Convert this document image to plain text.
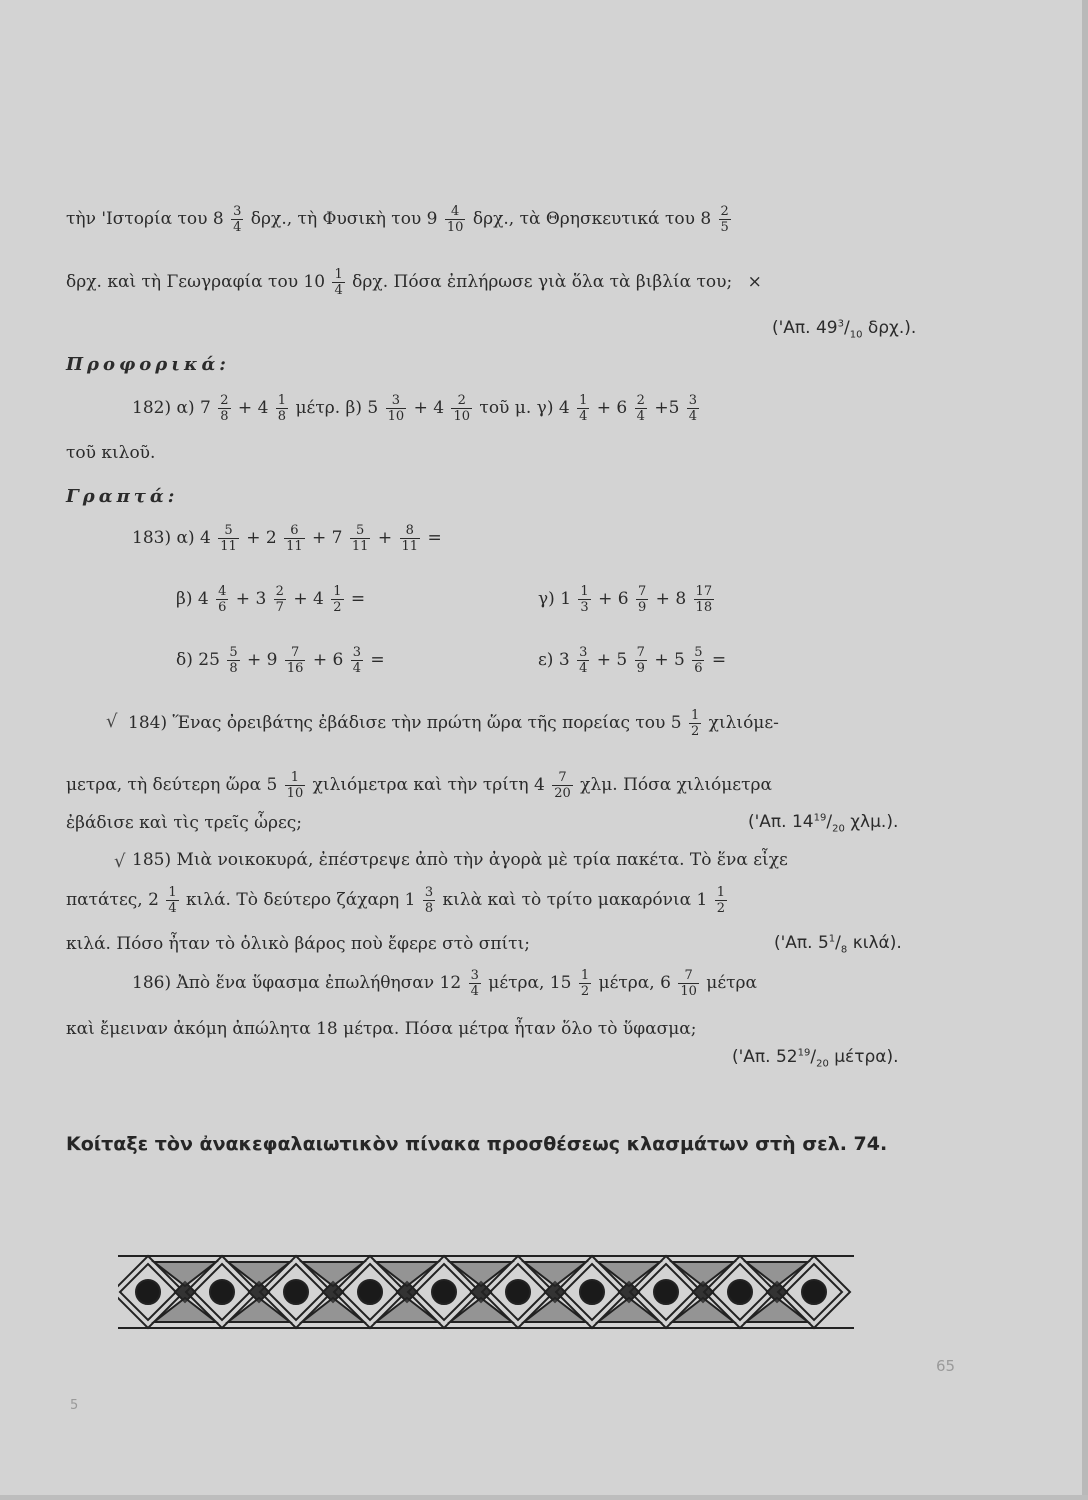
τὴν 'Ιστορία του $8 \frac{3}{4} \delta\rho\chi$., τὴ Φυσικὴ του $9 \frac{4}{10} \delta\rho\chi$., τὰ Θρησκευτικά του $8 \frac{2}{5}$
δρχ. καὶ τὴ Γεωγραφία του $10 \frac{1}{4} \delta\rho\chi$. Πόσα ἐπλήρωσε γιὰ ὅλα τὰ βιβλία του; ×
('Απ. $49^3/_{10}$ δρχ.).
Προφορικά:
182) α) $7 \frac{2}{8} + 4 \frac{1}{8} \mu έ\tau\rho$. β) $5 \frac{3}{10} + 4 \frac{2}{10}$ τοῦ μ. γ) $4 \frac{1}{4} + 6 \frac{2}{4} +5 \frac{3}{4}$
τοῦ κιλοῦ.
Γραπτά:
183) α) $4 \frac{5}{11} + 2 \frac{6}{11} + 7 \frac{5}{11} + \frac{8}{11}$ =
β) $4 \frac{4}{6} + 3 \frac{2}{7} + 4 \frac{1}{2}$ =	γ) $1 \frac{1}{3} + 6 \frac{7}{9} + 8 \frac{17}{18}$
δ) $25 \frac{5}{8} + 9 \frac{7}{16} + 6 \frac{3}{4}$ =	ε) $3 \frac{3}{4} + 5 \frac{7}{9} + 5 \frac{5}{6}$ =
√ 184) Ἕνας ὀρειβάτης ἐβάδισε τὴν πρώτη ὥρα τῆς πορείας του $5 \frac{1}{2} \chi\iota\lambda\iota ό\mu\varepsilon-$
μετρα, τὴ δεύτερη ὥρα $5 \frac{1}{10}$ χιλιόμετρα καὶ τὴν τρίτη $4 \frac{7}{20} \chi\lambda\mu$. Πόσα χιλιόμετρα
ἐβάδισε καὶ τὶς τρεῖς ὧρες;	('Απ. $14^{19}/_{20}$ χλμ.).
√ 185) Μιὰ νοικοκυρά, ἐπέστρεψε ἀπὸ τὴν ἀγορὰ μὲ τρία πακέτα. Τὸ ἕνα εἶχε
πατάτες, $2 \frac{1}{4} \kappa\iota\lambda ά$. Τὸ δεύτερο ζάχαρη $1 \frac{3}{8}$ κιλὰ καὶ τὸ τρίτο μακαρόνια $1 \frac{1}{2}$
κιλά. Πόσο ἦταν τὸ ὁλικὸ βάρος ποὺ ἔφερε στὸ σπίτι;	('Απ. $5^1/_8$ κιλά).
186) Ἀπὸ ἕνα ὕφασμα ἐπωλήθησαν $12 \frac{3}{4} \mu έ\tau\rho\alpha$, $15 \frac{1}{2} \mu έ\tau\rho\alpha$, $6 \frac{7}{10}$ μέτρα
καὶ ἔμειναν ἀκόμη ἀπώλητα 18 μέτρα. Πόσα μέτρα ἦταν ὅλο τὸ ὕφασμα;
('Απ. $52^{19}/_{20}$ μέτρα).
Κοίταξε τὸν ἀνακεφαλαιωτικὸν πίνακα προσθέσεως κλασμάτων στὴ σελ. 74.
65
5
